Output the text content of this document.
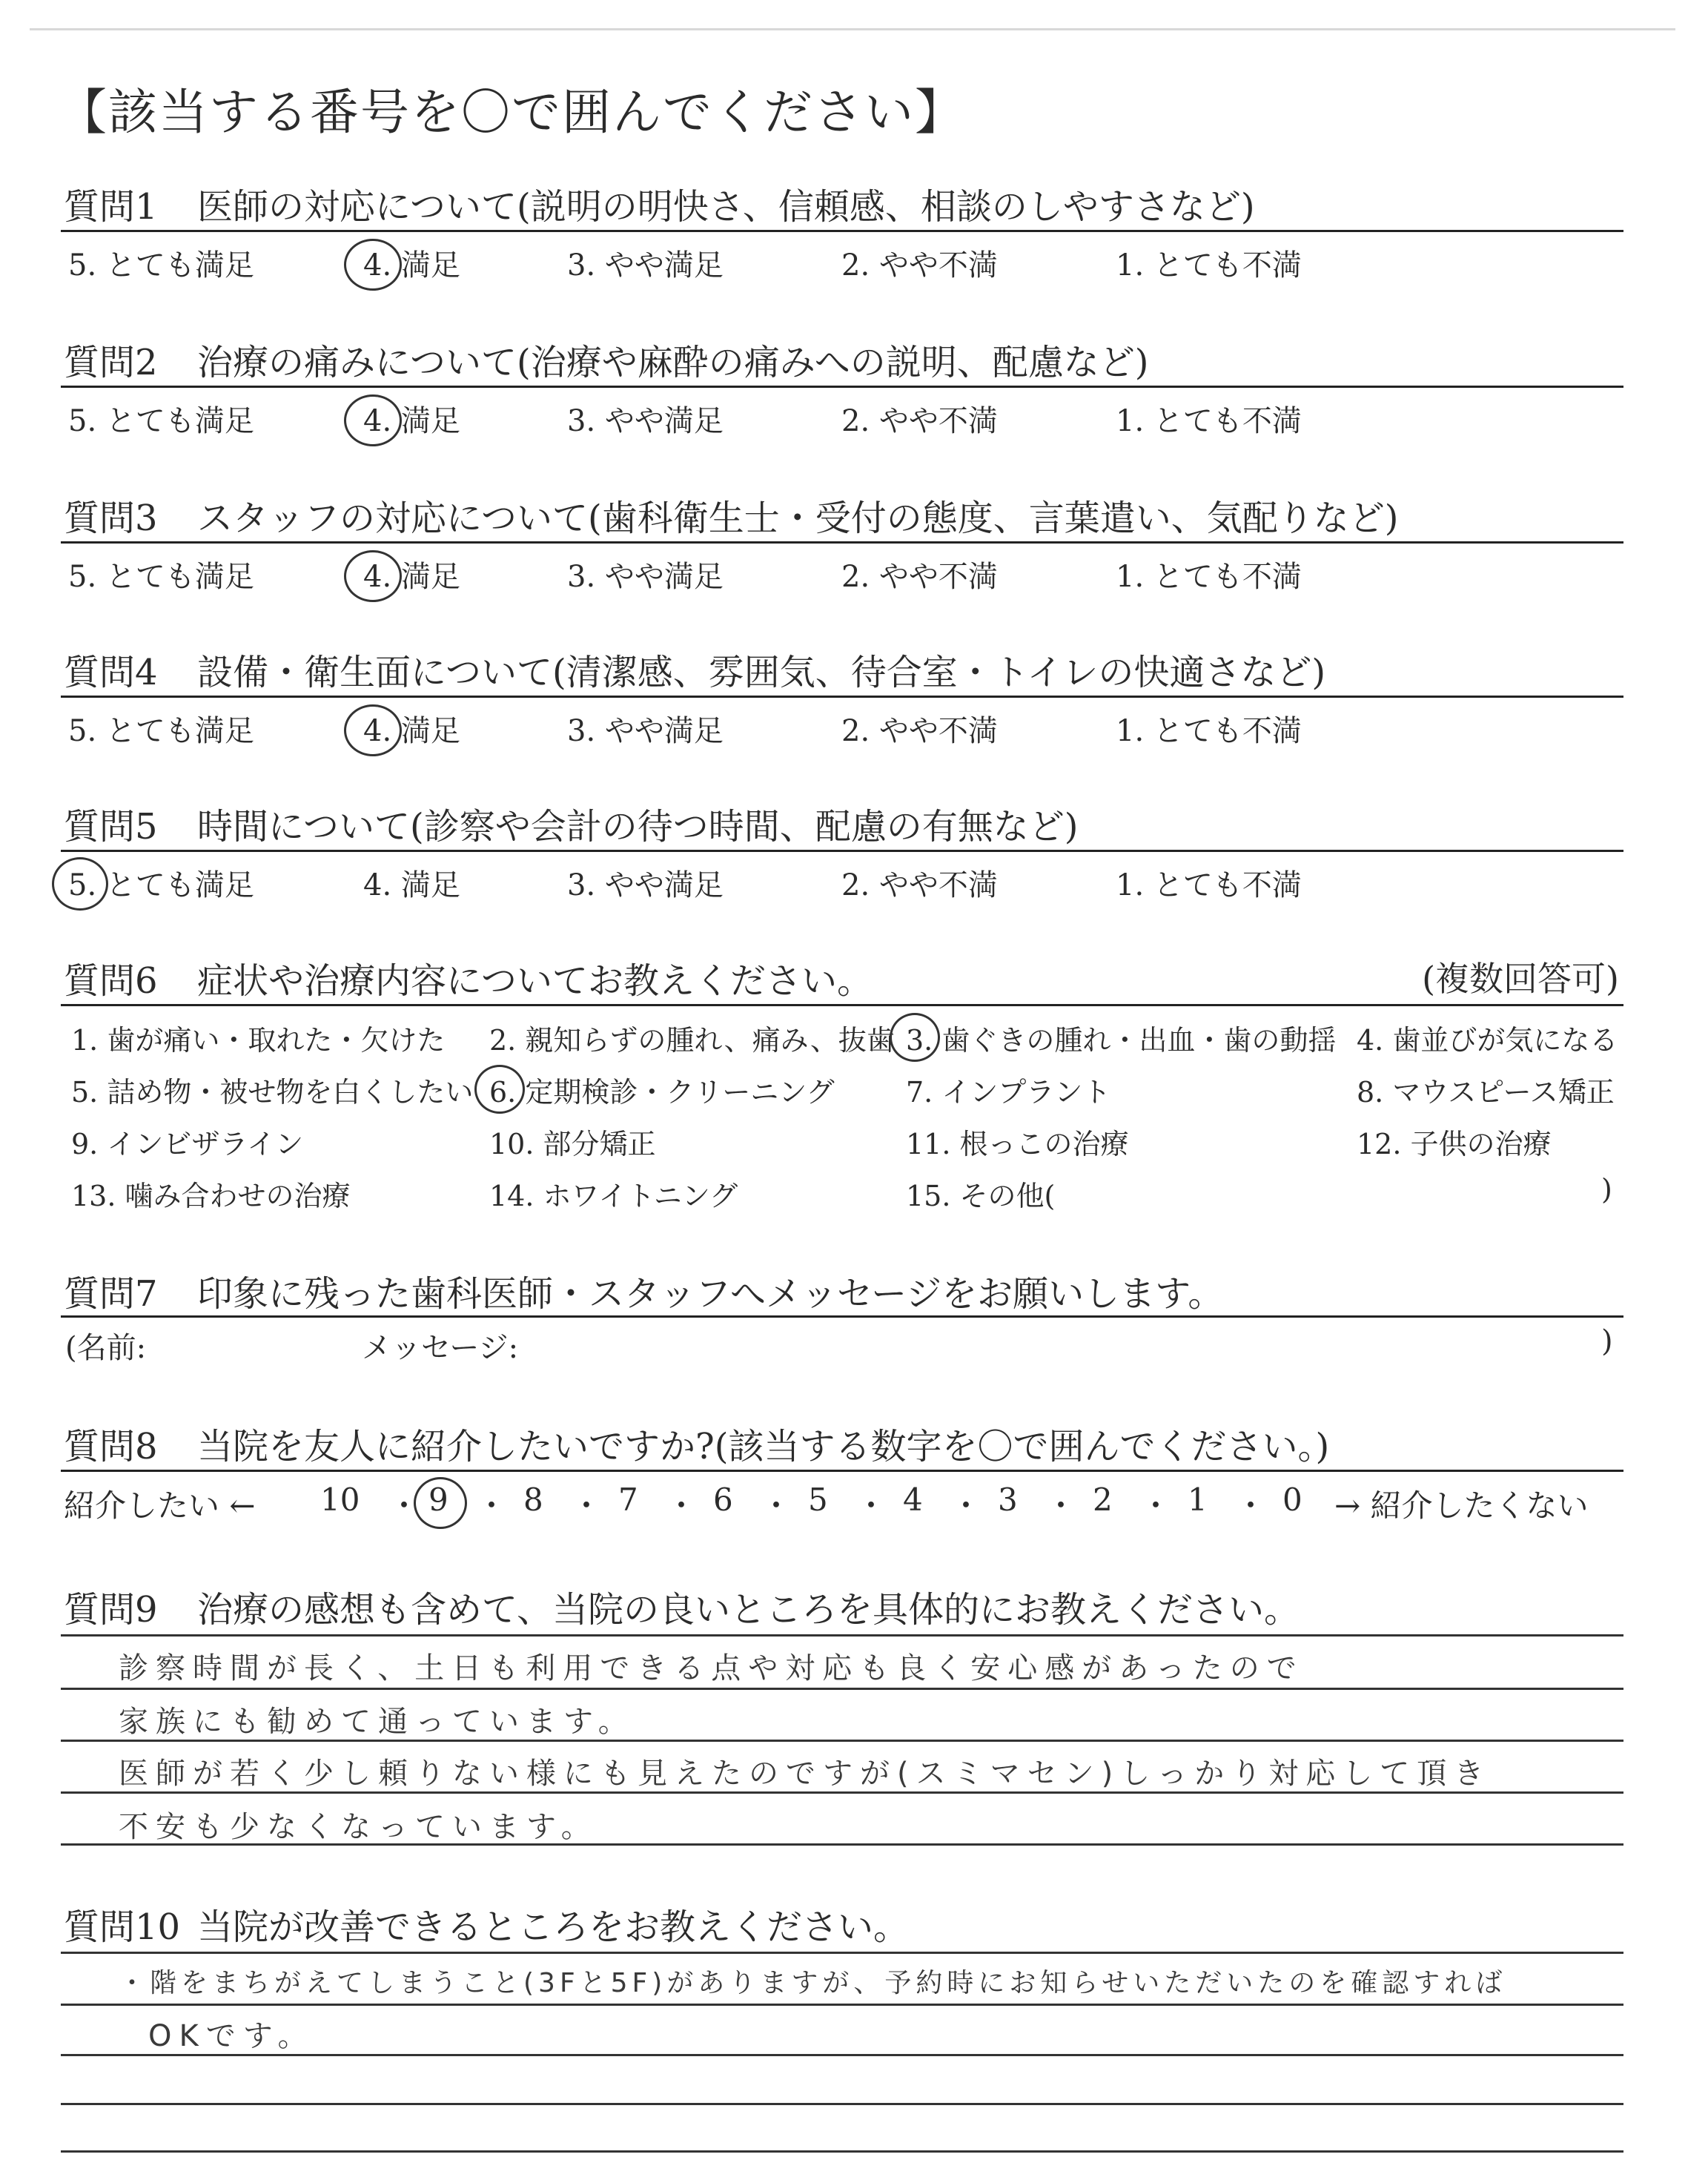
【該当する番号を〇で囲んでください】
質問1 医師の対応について(説明の明快さ、信頼感、相談のしやすさなど)
5. とても満足	4. 満足	3. やや満足	2. やや不満	1. とても不満
質問2 治療の痛みについて(治療や麻酔の痛みへの説明、配慮など)
5. とても満足	4. 満足	3. やや満足	2. やや不満	1. とても不満
質問3 スタッフの対応について(歯科衛生士・受付の態度、言葉遣い、気配りなど)
5. とても満足	4. 満足	3. やや満足	2. やや不満	1. とても不満
質問4 設備・衛生面について(清潔感、雰囲気、待合室・トイレの快適さなど)
5. とても満足	4. 満足	3. やや満足	2. やや不満	1. とても不満
質問5 時間について(診察や会計の待つ時間、配慮の有無など)
5. とても満足	4. 満足	3. やや満足	2. やや不満	1. とても不満
質問6 症状や治療内容についてお教えください。	(複数回答可)
1. 歯が痛い・取れた・欠けた 2. 親知らずの腫れ、痛み、抜歯 3. 歯ぐきの腫れ・出血・歯の動揺 4. 歯並びが気になる
5. 詰め物・被せ物を白くしたい 6. 定期検診・クリーニング	7. インプラント	8. マウスピース矯正
9. インビザライン	10. 部分矯正	11. 根っこの治療	12. 子供の治療
13. 噛み合わせの治療	14. ホワイトニング	15. その他(	)
質問7 印象に残った歯科医師・スタッフへメッセージをお願いします。
(名前:	メッセージ:	)
質問8 当院を友人に紹介したいですか?(該当する数字を〇で囲んでください。)
紹介したい ← 10 ・ 9 ・ 8 ・ 7 ・ 6 ・ 5 ・ 4 ・ 3 ・ 2 ・ 1 ・ 0 → 紹介したくない
質問9 治療の感想も含めて、当院の良いところを具体的にお教えください。
診察時間が長く、土日も利用できる点や対応も良く安心感があったので
家族にも勧めて通っています。
医師が若く少し頼りない様にも見えたのですが(スミマセン)しっかり対応して頂き
不安も少なくなっています。
質問10 当院が改善できるところをお教えください。
・階をまちがえてしまうこと(3Fと5F)がありますが、予約時にお知らせいただいたのを確認すれば
OKです。
